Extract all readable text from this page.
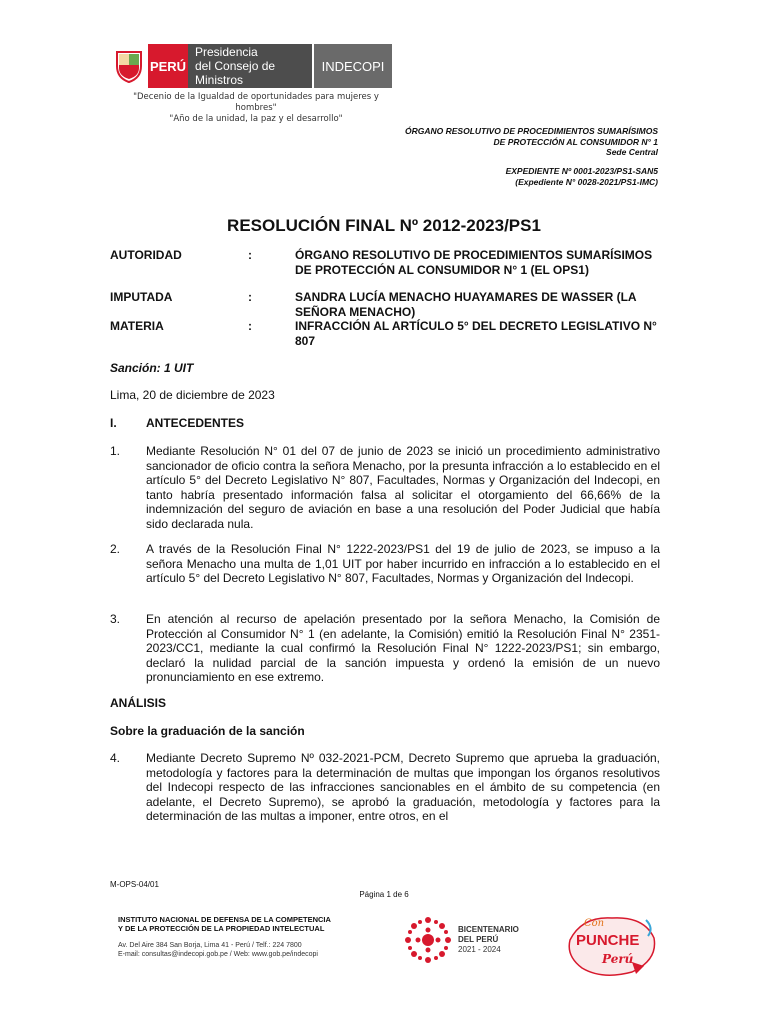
PERÚ
Presidencia
del Consejo de Ministros
INDECOPI
"Decenio de la Igualdad de oportunidades para mujeres y hombres"
"Año de la unidad, la paz y el desarrollo"
ÓRGANO RESOLUTIVO DE PROCEDIMIENTOS SUMARÍSIMOS
DE PROTECCIÓN AL CONSUMIDOR N° 1
Sede Central
EXPEDIENTE Nº 0001-2023/PS1-SAN5
(Expediente N° 0028-2021/PS1-IMC)
RESOLUCIÓN FINAL Nº 2012-2023/PS1
AUTORIDAD	:	ÓRGANO RESOLUTIVO DE PROCEDIMIENTOS SUMARÍSIMOS DE PROTECCIÓN AL CONSUMIDOR N° 1 (EL OPS1)
IMPUTADA	:	SANDRA LUCÍA MENACHO HUAYAMARES DE WASSER (LA SEÑORA MENACHO)
MATERIA	:	INFRACCIÓN AL ARTÍCULO 5° DEL DECRETO LEGISLATIVO N° 807
Sanción: 1 UIT
Lima, 20 de diciembre de 2023
I. ANTECEDENTES
1. Mediante Resolución N° 01 del 07 de junio de 2023 se inició un procedimiento administrativo sancionador de oficio contra la señora Menacho, por la presunta infracción a lo establecido en el artículo 5° del Decreto Legislativo N° 807, Facultades, Normas y Organización del Indecopi, en tanto habría presentado información falsa al solicitar el otorgamiento del 66,66% de la indemnización del seguro de aviación en base a una resolución del Poder Judicial que había sido declarada nula.
2. A través de la Resolución Final N° 1222-2023/PS1 del 19 de julio de 2023, se impuso a la señora Menacho una multa de 1,01 UIT por haber incurrido en infracción a lo establecido en el artículo 5° del Decreto Legislativo N° 807, Facultades, Normas y Organización del Indecopi.
3. En atención al recurso de apelación presentado por la señora Menacho, la Comisión de Protección al Consumidor N° 1 (en adelante, la Comisión) emitió la Resolución Final N° 2351-2023/CC1, mediante la cual confirmó la Resolución Final N° 1222-2023/PS1; sin embargo, declaró la nulidad parcial de la sanción impuesta y ordenó la emisión de un nuevo pronunciamiento en ese extremo.
ANÁLISIS
Sobre la graduación de la sanción
4. Mediante Decreto Supremo Nº 032-2021-PCM, Decreto Supremo que aprueba la graduación, metodología y factores para la determinación de multas que impongan los órganos resolutivos del Indecopi respecto de las infracciones sancionables en el ámbito de su competencia (en adelante, el Decreto Supremo), se aprobó la graduación, metodología y factores para la determinación de las multas a imponer, entre otros, en el
M-OPS-04/01
Página 1 de 6
INSTITUTO NACIONAL DE DEFENSA DE LA COMPETENCIA
Y DE LA PROTECCIÓN DE LA PROPIEDAD INTELECTUAL
Av. Del Aire 384 San Borja, Lima 41 - Perú / Telf.: 224 7800
E-mail: consultas@indecopi.gob.pe / Web: www.gob.pe/indecopi
BICENTENARIO
DEL PERÚ
2021 - 2024
Con
PUNCHE
Perú
